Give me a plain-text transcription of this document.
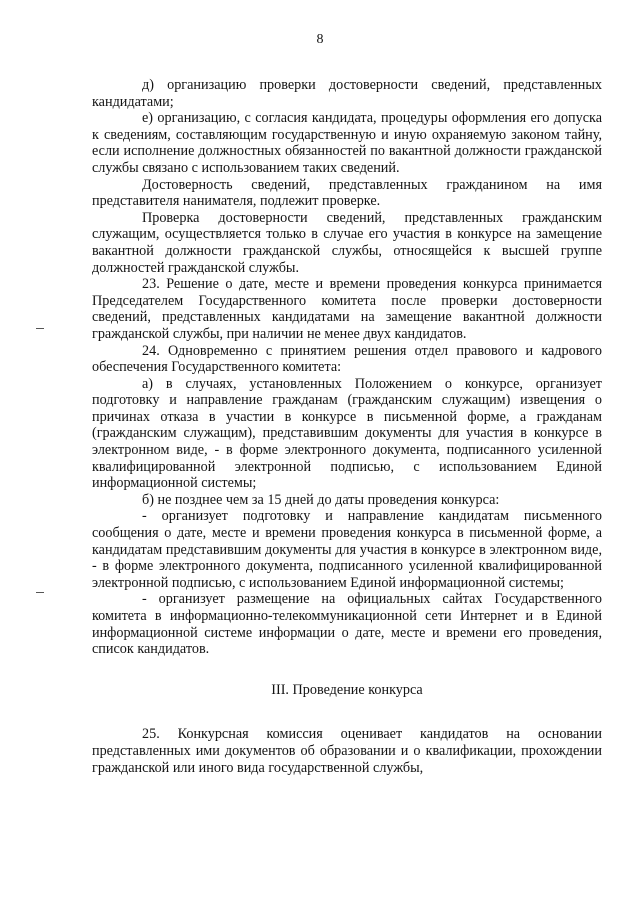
8

д) организацию проверки достоверности сведений, представленных кандидатами;

е) организацию, с согласия кандидата, процедуры оформления его допуска к сведениям, составляющим государственную и иную охраняемую законом тайну, если исполнение должностных обязанностей по вакантной должности гражданской службы связано с использованием таких сведений.

Достоверность сведений, представленных гражданином на имя представителя нанимателя, подлежит проверке.

Проверка достоверности сведений, представленных гражданским служащим, осуществляется только в случае его участия в конкурсе на замещение вакантной должности гражданской службы, относящейся к высшей группе должностей гражданской службы.

23. Решение о дате, месте и времени проведения конкурса принимается Председателем Государственного комитета после проверки достоверности сведений, представленных кандидатами на замещение вакантной должности гражданской службы, при наличии не менее двух кандидатов.

24. Одновременно с принятием решения отдел правового и кадрового обеспечения Государственного комитета:

а) в случаях, установленных Положением о конкурсе, организует подготовку и направление гражданам (гражданским служащим) извещения о причинах отказа в участии в конкурсе в письменной форме, а гражданам (гражданским служащим), представившим документы для участия в конкурсе в электронном виде, - в форме электронного документа, подписанного усиленной квалифицированной электронной подписью, с использованием Единой информационной системы;

б) не позднее чем за 15 дней до даты проведения конкурса:

- организует подготовку и направление кандидатам письменного сообщения о дате, месте и времени проведения конкурса в письменной форме, а кандидатам представившим документы для участия в конкурсе в электронном виде, - в форме электронного документа, подписанного усиленной квалифицированной электронной подписью, с использованием Единой информационной системы;

- организует размещение на официальных сайтах Государственного комитета в информационно-телекоммуникационной сети Интернет и в Единой информационной системе информации о дате, месте и времени его проведения, список кандидатов.

III. Проведение конкурса

25. Конкурсная комиссия оценивает кандидатов на основании представленных ими документов об образовании и о квалификации, прохождении гражданской или иного вида государственной службы,
